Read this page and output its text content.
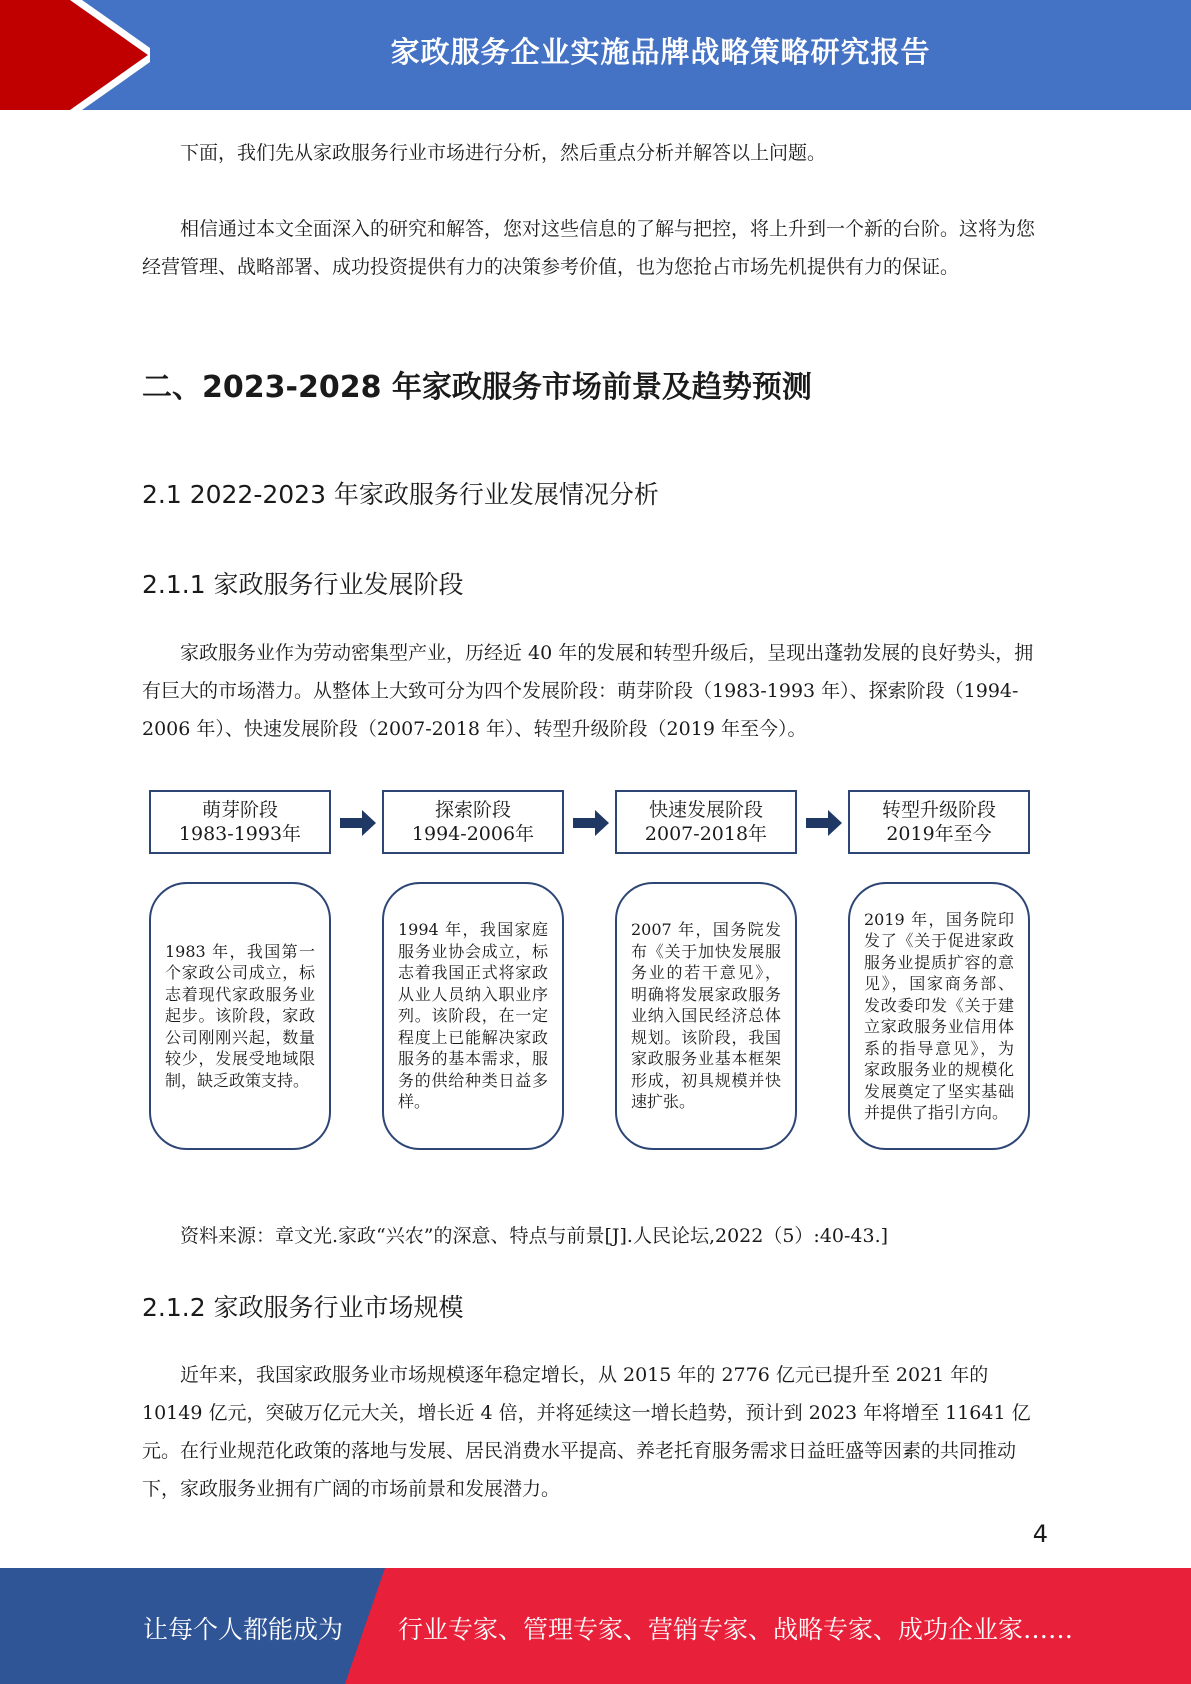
家政服务企业实施品牌战略策略研究报告

下面，我们先从家政服务行业市场进行分析，然后重点分析并解答以上问题。

相信通过本文全面深入的研究和解答，您对这些信息的了解与把控，将上升到一个新的台阶。这将为您经营管理、战略部署、成功投资提供有力的决策参考价值，也为您抢占市场先机提供有力的保证。

二、2023-2028 年家政服务市场前景及趋势预测
2.1 2022-2023 年家政服务行业发展情况分析
2.1.1 家政服务行业发展阶段

家政服务业作为劳动密集型产业，历经近 40 年的发展和转型升级后，呈现出蓬勃发展的良好势头，拥有巨大的市场潜力。从整体上大致可分为四个发展阶段：萌芽阶段（1983-1993 年）、探索阶段（1994-2006 年）、快速发展阶段（2007-2018 年）、转型升级阶段（2019 年至今）。

萌芽阶段
1983-1993年
探索阶段
1994-2006年
快速发展阶段
2007-2018年
转型升级阶段
2019年至今
1983 年，我国第一个家政公司成立，标志着现代家政服务业起步。该阶段，家政公司刚刚兴起，数量较少，发展受地域限制，缺乏政策支持。
1994 年，我国家庭服务业协会成立，标志着我国正式将家政从业人员纳入职业序列。该阶段，在一定程度上已能解决家政服务的基本需求，服务的供给种类日益多样。
2007 年，国务院发布《关于加快发展服务业的若干意见》，明确将发展家政服务业纳入国民经济总体规划。该阶段，我国家政服务业基本框架形成，初具规模并快速扩张。
2019 年，国务院印发了《关于促进家政服务业提质扩容的意见》，国家商务部、发改委印发《关于建立家政服务业信用体系的指导意见》，为家政服务业的规模化发展奠定了坚实基础并提供了指引方向。

资料来源：章文光.家政“兴农”的深意、特点与前景[J].人民论坛,2022（5）:40-43.]

2.1.2 家政服务行业市场规模

近年来，我国家政服务业市场规模逐年稳定增长，从 2015 年的 2776 亿元已提升至 2021 年的 10149 亿元，突破万亿元大关，增长近 4 倍，并将延续这一增长趋势，预计到 2023 年将增至 11641 亿元。在行业规范化政策的落地与发展、居民消费水平提高、养老托育服务需求日益旺盛等因素的共同推动下，家政服务业拥有广阔的市场前景和发展潜力。

4
让每个人都能成为 行业专家、管理专家、营销专家、战略专家、成功企业家……
